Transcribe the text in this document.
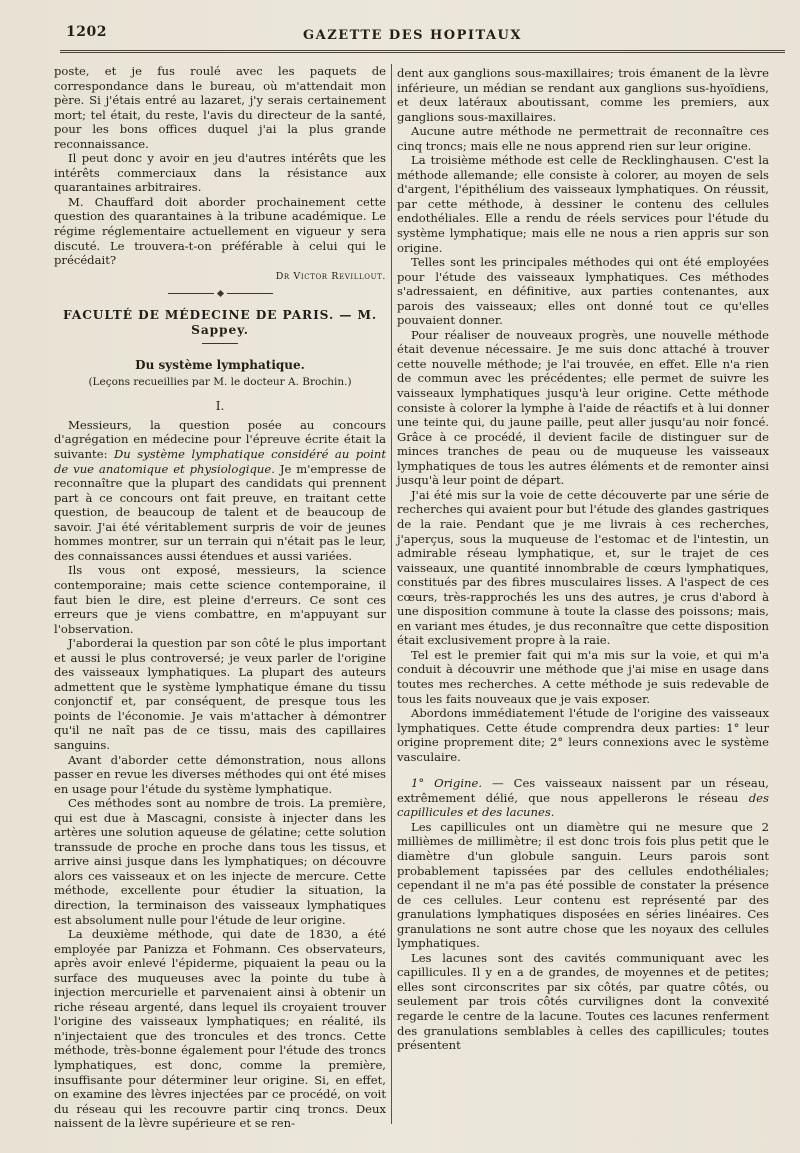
1202	GAZETTE DES HOPITAUX

poste, et je fus roulé avec les paquets de correspondance dans le bureau, où m'attendait mon père. Si j'étais entré au lazaret, j'y serais certainement mort; tel était, du reste, l'avis du directeur de la santé, pour les bons offices duquel j'ai la plus grande reconnaissance.

Il peut donc y avoir en jeu d'autres intérêts que les intérêts commerciaux dans la résistance aux quarantaines arbitraires.

M. Chauffard doit aborder prochainement cette question des quarantaines à la tribune académique. Le régime réglementaire actuellement en vigueur y sera discuté. Le trouvera-t-on préférable à celui qui le précédait?

Dr Victor Revillout.
FACULTÉ DE MÉDECINE DE PARIS. — M. Sappey.
Du système lymphatique.
(Leçons recueillies par M. le docteur A. Brochin.)
I.

Messieurs, la question posée au concours d'agrégation en médecine pour l'épreuve écrite était la suivante: Du système lymphatique considéré au point de vue anatomique et physiologique. Je m'empresse de reconnaître que la plupart des candidats qui prennent part à ce concours ont fait preuve, en traitant cette question, de beaucoup de talent et de beaucoup de savoir. J'ai été véritablement surpris de voir de jeunes hommes montrer, sur un terrain qui n'était pas le leur, des connaissances aussi étendues et aussi variées.

Ils vous ont exposé, messieurs, la science contemporaine; mais cette science contemporaine, il faut bien le dire, est pleine d'erreurs. Ce sont ces erreurs que je viens combattre, en m'appuyant sur l'observation.

J'aborderai la question par son côté le plus important et aussi le plus controversé; je veux parler de l'origine des vaisseaux lymphatiques. La plupart des auteurs admettent que le système lymphatique émane du tissu conjonctif et, par conséquent, de presque tous les points de l'économie. Je vais m'attacher à démontrer qu'il ne naît pas de ce tissu, mais des capillaires sanguins.

Avant d'aborder cette démonstration, nous allons passer en revue les diverses méthodes qui ont été mises en usage pour l'étude du système lymphatique.

Ces méthodes sont au nombre de trois. La première, qui est due à Mascagni, consiste à injecter dans les artères une solution aqueuse de gélatine; cette solution transsude de proche en proche dans tous les tissus, et arrive ainsi jusque dans les lymphatiques; on découvre alors ces vaisseaux et on les injecte de mercure. Cette méthode, excellente pour étudier la situation, la direction, la terminaison des vaisseaux lymphatiques est absolument nulle pour l'étude de leur origine.

La deuxième méthode, qui date de 1830, a été employée par Panizza et Fohmann. Ces observateurs, après avoir enlevé l'épiderme, piquaient la peau ou la surface des muqueuses avec la pointe du tube à injection mercurielle et parvenaient ainsi à obtenir un riche réseau argenté, dans lequel ils croyaient trouver l'origine des vaisseaux lymphatiques; en réalité, ils n'injectaient que des troncules et des troncs. Cette méthode, très-bonne également pour l'étude des troncs lymphatiques, est donc, comme la première, insuffisante pour déterminer leur origine. Si, en effet, on examine des lèvres injectées par ce procédé, on voit du réseau qui les recouvre partir cinq troncs. Deux naissent de la lèvre supérieure et se ren-

dent aux ganglions sous-maxillaires; trois émanent de la lèvre inférieure, un médian se rendant aux ganglions sus-hyoïdiens, et deux latéraux aboutissant, comme les premiers, aux ganglions sous-maxillaires.

Aucune autre méthode ne permettrait de reconnaître ces cinq troncs; mais elle ne nous apprend rien sur leur origine.

La troisième méthode est celle de Recklinghausen. C'est la méthode allemande; elle consiste à colorer, au moyen de sels d'argent, l'épithélium des vaisseaux lymphatiques. On réussit, par cette méthode, à dessiner le contenu des cellules endothéliales. Elle a rendu de réels services pour l'étude du système lymphatique; mais elle ne nous a rien appris sur son origine.

Telles sont les principales méthodes qui ont été employées pour l'étude des vaisseaux lymphatiques. Ces méthodes s'adressaient, en définitive, aux parties contenantes, aux parois des vaisseaux; elles ont donné tout ce qu'elles pouvaient donner.

Pour réaliser de nouveaux progrès, une nouvelle méthode était devenue nécessaire. Je me suis donc attaché à trouver cette nouvelle méthode; je l'ai trouvée, en effet. Elle n'a rien de commun avec les précédentes; elle permet de suivre les vaisseaux lymphatiques jusqu'à leur origine. Cette méthode consiste à colorer la lymphe à l'aide de réactifs et à lui donner une teinte qui, du jaune paille, peut aller jusqu'au noir foncé. Grâce à ce procédé, il devient facile de distinguer sur de minces tranches de peau ou de muqueuse les vaisseaux lymphatiques de tous les autres éléments et de remonter ainsi jusqu'à leur point de départ.

J'ai été mis sur la voie de cette découverte par une série de recherches qui avaient pour but l'étude des glandes gastriques de la raie. Pendant que je me livrais à ces recherches, j'aperçus, sous la muqueuse de l'estomac et de l'intestin, un admirable réseau lymphatique, et, sur le trajet de ces vaisseaux, une quantité innombrable de cœurs lymphatiques, constitués par des fibres musculaires lisses. A l'aspect de ces cœurs, très-rapprochés les uns des autres, je crus d'abord à une disposition commune à toute la classe des poissons; mais, en variant mes études, je dus reconnaître que cette disposition était exclusivement propre à la raie.

Tel est le premier fait qui m'a mis sur la voie, et qui m'a conduit à découvrir une méthode que j'ai mise en usage dans toutes mes recherches. A cette méthode je suis redevable de tous les faits nouveaux que je vais exposer.

Abordons immédiatement l'étude de l'origine des vaisseaux lymphatiques. Cette étude comprendra deux parties: 1° leur origine proprement dite; 2° leurs connexions avec le système vasculaire.

1° Origine. — Ces vaisseaux naissent par un réseau, extrêmement délié, que nous appellerons le réseau des capillicules et des lacunes.

Les capillicules ont un diamètre qui ne mesure que 2 millièmes de millimètre; il est donc trois fois plus petit que le diamètre d'un globule sanguin. Leurs parois sont probablement tapissées par des cellules endothéliales; cependant il ne m'a pas été possible de constater la présence de ces cellules. Leur contenu est représenté par des granulations lymphatiques disposées en séries linéaires. Ces granulations ne sont autre chose que les noyaux des cellules lymphatiques.

Les lacunes sont des cavités communiquant avec les capillicules. Il y en a de grandes, de moyennes et de petites; elles sont circonscrites par six côtés, par quatre côtés, ou seulement par trois côtés curvilignes dont la convexité regarde le centre de la lacune. Toutes ces lacunes renferment des granulations semblables à celles des capillicules; toutes présentent
